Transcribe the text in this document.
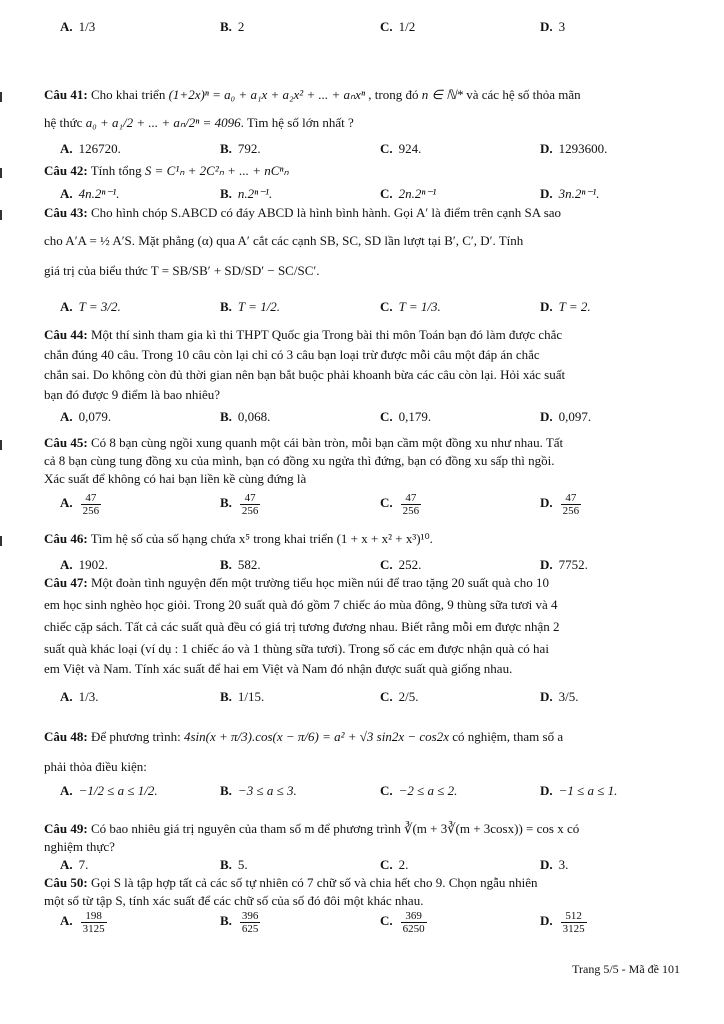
A. 1/3	B. 2	C. 1/2	D. 3
Câu 41: Cho khai triển (1+2x)ⁿ = a₀ + a₁x + a₂x² + ... + aₙxⁿ , trong đó n ∈ ℕ* và các hệ số thỏa mãn
hệ thức a₀ + a₁/2 + ... + aₙ/2ⁿ = 4096. Tìm hệ số lớn nhất ?
A. 126720.	B. 792.	C. 924.	D. 1293600.
Câu 42: Tính tổng S = C¹ₙ + 2C²ₙ + ... + nCⁿₙ
A. 4n.2ⁿ⁻¹.	B. n.2ⁿ⁻¹.	C. 2n.2ⁿ⁻¹	D. 3n.2ⁿ⁻¹.
Câu 43: Cho hình chóp S.ABCD có đáy ABCD là hình bình hành. Gọi A′ là điểm trên cạnh SA sao
cho A′A = ½ A′S. Mặt phẳng (α) qua A′ cắt các cạnh SB, SC, SD lần lượt tại B′, C′, D′. Tính
giá trị của biểu thức T = SB/SB′ + SD/SD′ − SC/SC′.
A. T = 3/2.	B. T = 1/2.	C. T = 1/3.	D. T = 2.
Câu 44: Một thí sinh tham gia kì thi THPT Quốc gia Trong bài thi môn Toán bạn đó làm được chắc
chắn đúng 40 câu. Trong 10 câu còn lại chỉ có 3 câu bạn loại trừ được mỗi câu một đáp án chắc
chắn sai. Do không còn đủ thời gian nên bạn bắt buộc phải khoanh bừa các câu còn lại. Hỏi xác suất
bạn đó được 9 điểm là bao nhiêu?
A. 0,079.	B. 0,068.	C. 0,179.	D. 0,097.
Câu 45: Có 8 bạn cùng ngồi xung quanh một cái bàn tròn, mỗi bạn cầm một đồng xu như nhau. Tất
cả 8 bạn cùng tung đồng xu của mình, bạn có đồng xu ngửa thì đứng, bạn có đồng xu sấp thì ngồi.
Xác suất để không có hai bạn liền kề cùng đứng là
A. $\frac{47}{256}$	B. $\frac{47}{256}$	C. $\frac{47}{256}$	D. $\frac{47}{256}$
Câu 46: Tìm hệ số của số hạng chứa x⁵ trong khai triển (1 + x + x² + x³)¹⁰.
A. 1902.	B. 582.	C. 252.	D. 7752.
Câu 47: Một đoàn tình nguyện đến một trường tiểu học miền núi để trao tặng 20 suất quà cho 10
em học sinh nghèo học giỏi. Trong 20 suất quà đó gồm 7 chiếc áo mùa đông, 9 thùng sữa tươi và 4
chiếc cặp sách. Tất cả các suất quà đều có giá trị tương đương nhau. Biết rằng mỗi em được nhận 2
suất quà khác loại (ví dụ : 1 chiếc áo và 1 thùng sữa tươi). Trong số các em được nhận quà có hai
em Việt và Nam. Tính xác suất để hai em Việt và Nam đó nhận được suất quà giống nhau.
A. 1/3.	B. 1/15.	C. 2/5.	D. 3/5.
Câu 48: Để phương trình: 4sin(x + π/3).cos(x − π/6) = a² + √3 sin2x − cos2x có nghiệm, tham số a
phải thỏa điều kiện:
A. −1/2 ≤ a ≤ 1/2.	B. −3 ≤ a ≤ 3.	C. −2 ≤ a ≤ 2.	D. −1 ≤ a ≤ 1.
Câu 49: Có bao nhiêu giá trị nguyên của tham số m để phương trình ∛(m + 3∛(m + 3cosx)) = cos x có
nghiệm thực?
A. 7.	B. 5.	C. 2.	D. 3.
Câu 50: Gọi S là tập hợp tất cả các số tự nhiên có 7 chữ số và chia hết cho 9. Chọn ngẫu nhiên
một số từ tập S, tính xác suất để các chữ số của số đó đôi một khác nhau.
A. $\frac{198}{3125}$	B. $\frac{396}{625}$	C. $\frac{369}{6250}$	D. $\frac{512}{3125}$
Trang 5/5 - Mã đề 101
